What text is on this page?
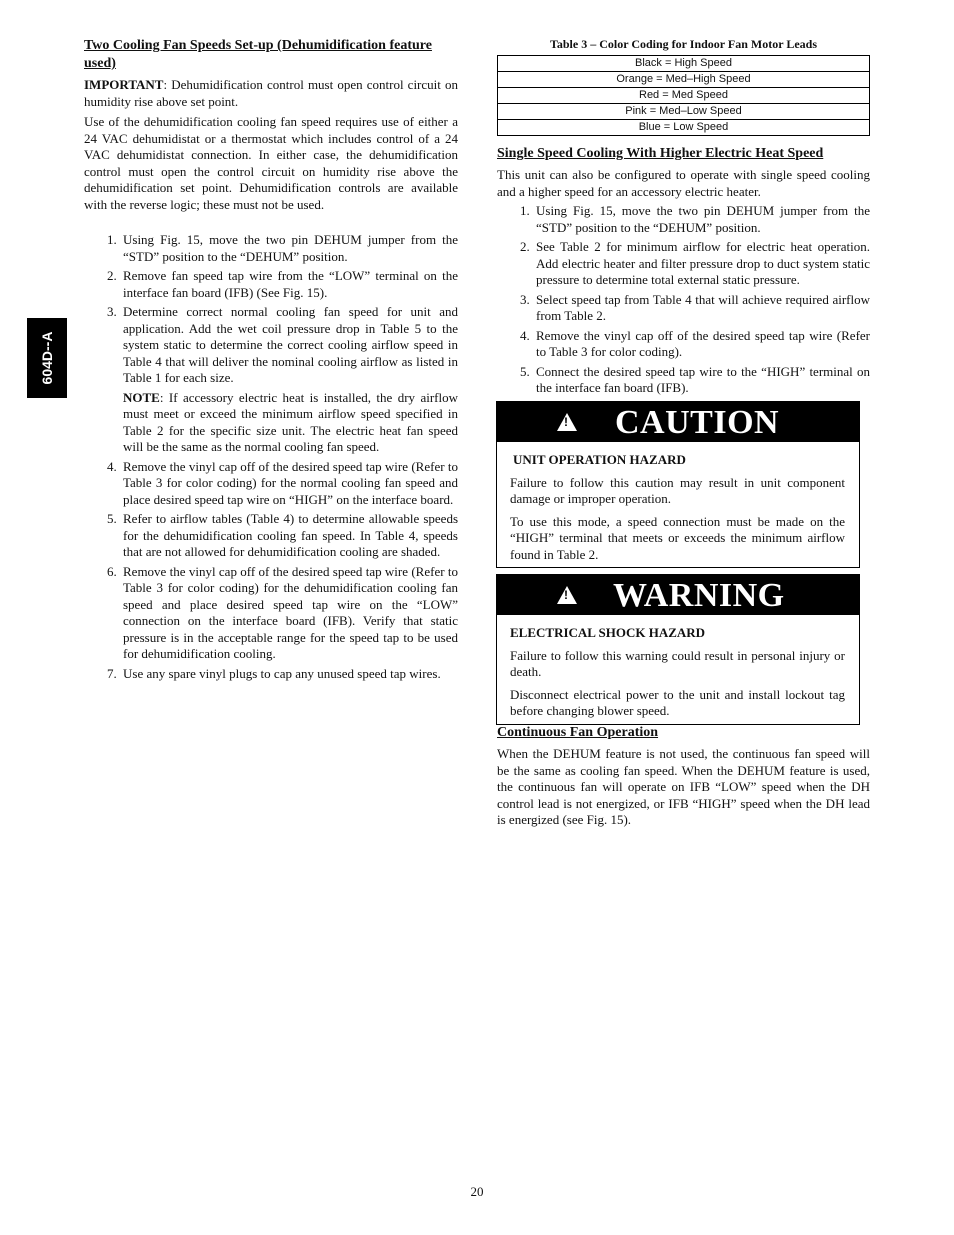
604D--A
Two Cooling Fan Speeds Set-up (Dehumidification feature used)

IMPORTANT: Dehumidification control must open control circuit on humidity rise above set point.

Use of the dehumidification cooling fan speed requires use of either a 24 VAC dehumidistat or a thermostat which includes control of a 24 VAC dehumidistat connection. In either case, the dehumidification control must open the control circuit on humidity rise above the dehumidification set point. Dehumidification controls are available with the reverse logic; these must not be used.

1. Using Fig. 15, move the two pin DEHUM jumper from the “STD” position to the “DEHUM” position.

2. Remove fan speed tap wire from the “LOW” terminal on the interface fan board (IFB) (See Fig. 15).

3. Determine correct normal cooling fan speed for unit and application. Add the wet coil pressure drop in Table 5 to the system static to determine the correct cooling airflow speed in Table 4 that will deliver the nominal cooling airflow as listed in Table 1 for each size.

NOTE: If accessory electric heat is installed, the dry airflow must meet or exceed the minimum airflow speed specified in Table 2 for the specific size unit. The electric heat fan speed will be the same as the normal cooling fan speed.

4. Remove the vinyl cap off of the desired speed tap wire (Refer to Table 3 for color coding) for the normal cooling fan speed and place desired speed tap wire on “HIGH” on the interface board.

5. Refer to airflow tables (Table 4) to determine allowable speeds for the dehumidification cooling fan speed. In Table 4, speeds that are not allowed for dehumidification cooling are shaded.

6. Remove the vinyl cap off of the desired speed tap wire (Refer to Table 3 for color coding) for the dehumidification cooling fan speed and place desired speed tap wire on the “LOW” connection on the interface board (IFB). Verify that static pressure is in the acceptable range for the speed tap to be used for dehumidification cooling.

7. Use any spare vinyl plugs to cap any unused speed tap wires.

Table 3 – Color Coding for Indoor Fan Motor Leads
Black = High Speed
Orange = Med–High Speed
Red = Med Speed
Pink = Med–Low Speed
Blue = Low Speed
Single Speed Cooling With Higher Electric Heat Speed

This unit can also be configured to operate with single speed cooling and a higher speed for an accessory electric heater.

1. Using Fig. 15, move the two pin DEHUM jumper from the “STD” position to the “DEHUM” position.

2. See Table 2 for minimum airflow for electric heat operation. Add electric heater and filter pressure drop to duct system static pressure to determine total external static pressure.

3. Select speed tap from Table 4 that will achieve required airflow from Table 2.

4. Remove the vinyl cap off of the desired speed tap wire (Refer to Table 3 for color coding).

5. Connect the desired speed tap wire to the “HIGH” terminal on the interface fan board (IFB).

!
CAUTION

UNIT OPERATION HAZARD

Failure to follow this caution may result in unit component damage or improper operation.

To use this mode, a speed connection must be made on the “HIGH” terminal that meets or exceeds the minimum airflow found in Table 2.

!
WARNING

ELECTRICAL SHOCK HAZARD

Failure to follow this warning could result in personal injury or death.

Disconnect electrical power to the unit and install lockout tag before changing blower speed.

Continuous Fan Operation

When the DEHUM feature is not used, the continuous fan speed will be the same as cooling fan speed. When the DEHUM feature is used, the continuous fan will operate on IFB “LOW” speed when the DH control lead is not energized, or IFB “HIGH” speed when the DH lead is energized (see Fig. 15).

20
